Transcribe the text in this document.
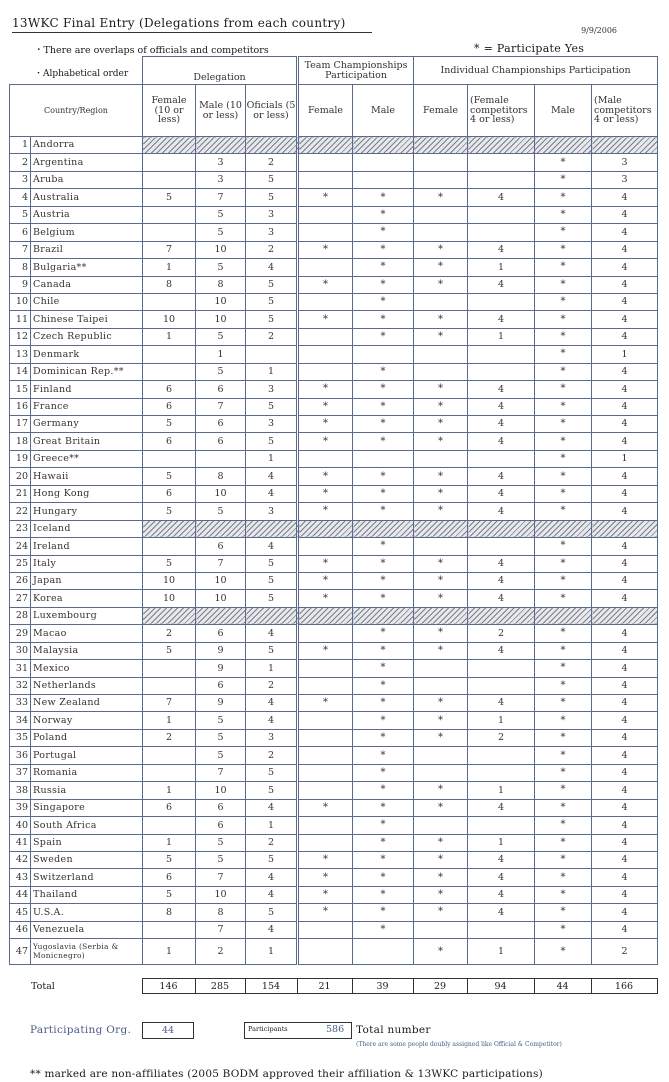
13WKC Final Entry (Delegations from each country)
9/9/2006
・There are overlaps of officials and competitors
・Alphabetical order
* = Participate Yes
		Delegation			Team Championships Participation		Individual Championships Participation			
Country/Region		Female (10 or less)	Male (10 or less)	Oficials (5 or less)	Female	Male	Female	(Female competitors 4 or less)	Male	(Male competitors 4 or less)
1	Andorra									
2	Argentina		3	2					*	3
3	Aruba		3	5					*	3
4	Australia	5	7	5	*	*	*	4	*	4
5	Austria		5	3		*			*	4
6	Belgium		5	3		*			*	4
7	Brazil	7	10	2	*	*	*	4	*	4
8	Bulgaria**	1	5	4		*	*	1	*	4
9	Canada	8	8	5	*	*	*	4	*	4
10	Chile		10	5		*			*	4
11	Chinese Taipei	10	10	5	*	*	*	4	*	4
12	Czech Republic	1	5	2		*	*	1	*	4
13	Denmark		1						*	1
14	Dominican Rep.**		5	1		*			*	4
15	Finland	6	6	3	*	*	*	4	*	4
16	France	6	7	5	*	*	*	4	*	4
17	Germany	5	6	3	*	*	*	4	*	4
18	Great Britain	6	6	5	*	*	*	4	*	4
19	Greece**			1					*	1
20	Hawaii	5	8	4	*	*	*	4	*	4
21	Hong Kong	6	10	4	*	*	*	4	*	4
22	Hungary	5	5	3	*	*	*	4	*	4
23	Iceland									
24	Ireland		6	4		*			*	4
25	Italy	5	7	5	*	*	*	4	*	4
26	Japan	10	10	5	*	*	*	4	*	4
27	Korea	10	10	5	*	*	*	4	*	4
28	Luxembourg									
29	Macao	2	6	4		*	*	2	*	4
30	Malaysia	5	9	5	*	*	*	4	*	4
31	Mexico		9	1		*			*	4
32	Netherlands		6	2		*			*	4
33	New Zealand	7	9	4	*	*	*	4	*	4
34	Norway	1	5	4		*	*	1	*	4
35	Poland	2	5	3		*	*	2	*	4
36	Portugal		5	2		*			*	4
37	Romania		7	5		*			*	4
38	Russia	1	10	5		*	*	1	*	4
39	Singapore	6	6	4	*	*	*	4	*	4
40	South Africa		6	1		*			*	4
41	Spain	1	5	2		*	*	1	*	4
42	Sweden	5	5	5	*	*	*	4	*	4
43	Switzerland	6	7	4	*	*	*	4	*	4
44	Thailand	5	10	4	*	*	*	4	*	4
45	U.S.A.	8	8	5	*	*	*	4	*	4
46	Venezuela		7	4		*			*	4
47	Yugoslavia (Serbia & Monicnegro)	1	2	1			*	1	*	2
Total	146	285	154	21	39	29	94	44	166
Participating Org.	44	Participants	586 Total number
(There are some people doubly assigned like Official & Competitor)
** marked are non-affiliates (2005 BODM approved their affiliation & 13WKC participations)
